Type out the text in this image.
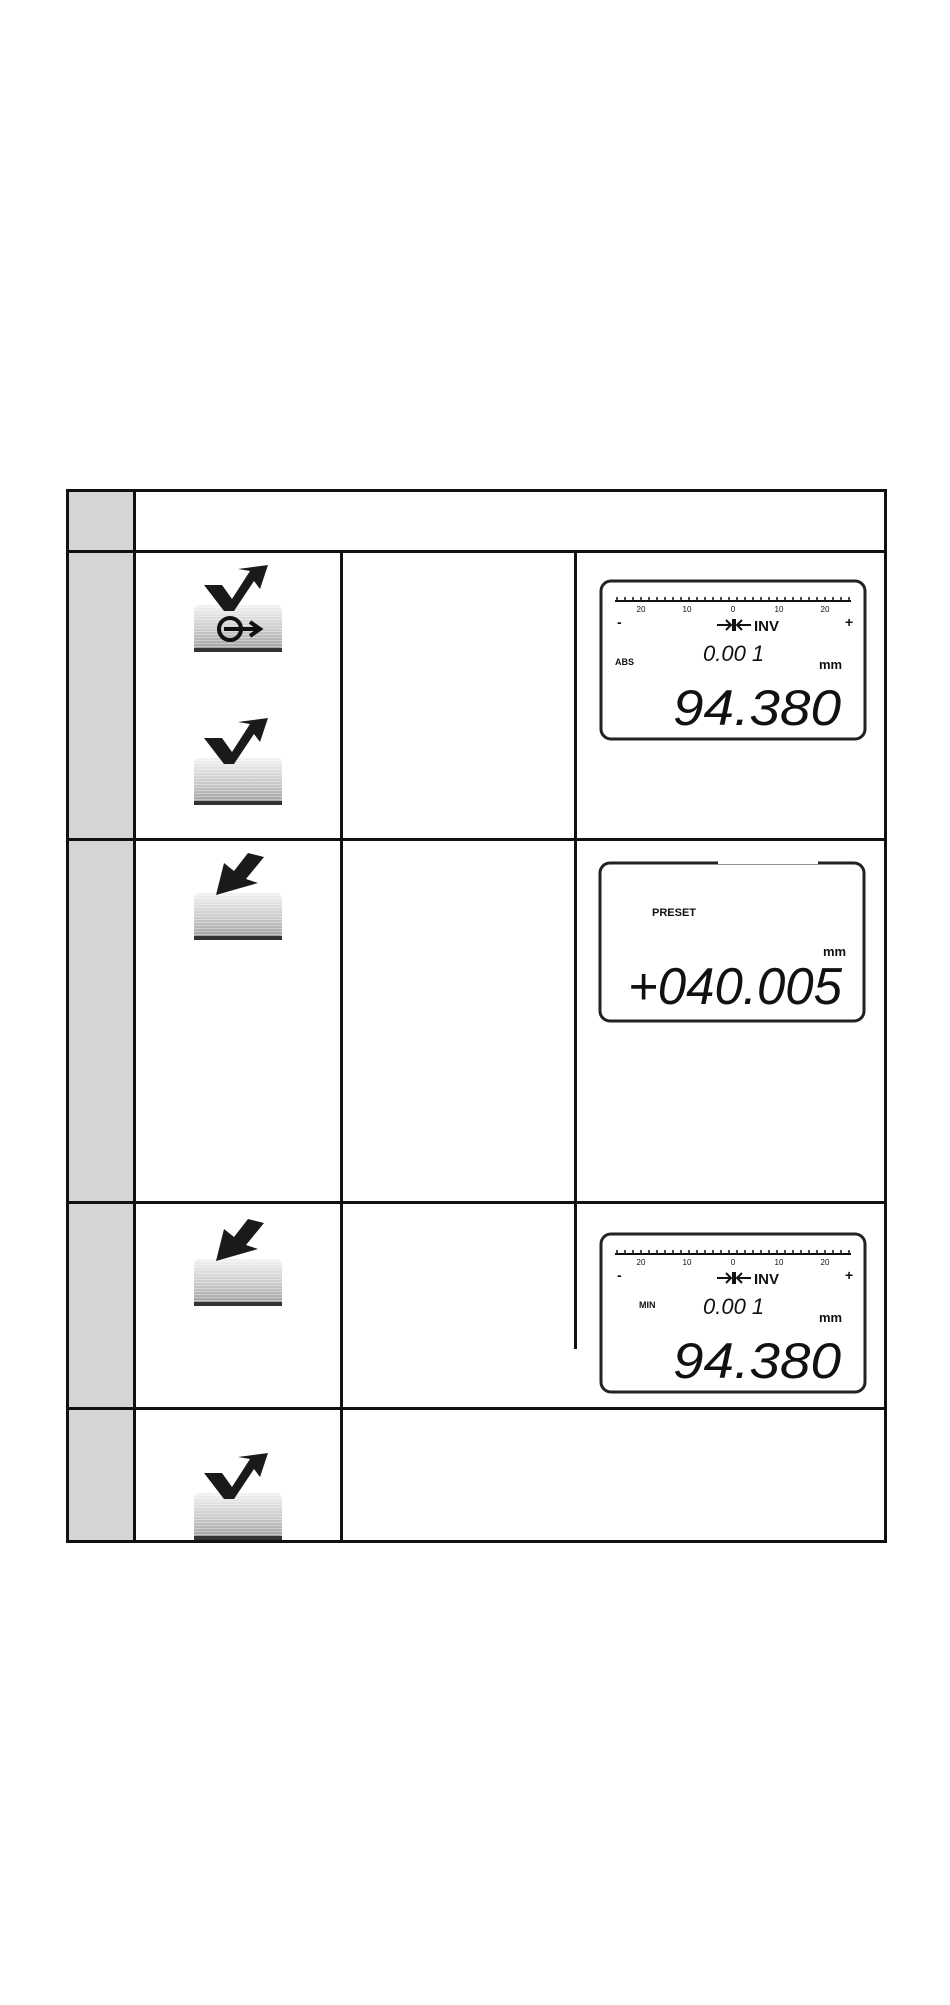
20	10	0	10	20
-	+
INV
ABS	0.00 1	mm
94.380
PRESET
mm
+040.005
20	10	0	10	20
-	+
INV
MIN 0.00 1	mm
94.380
